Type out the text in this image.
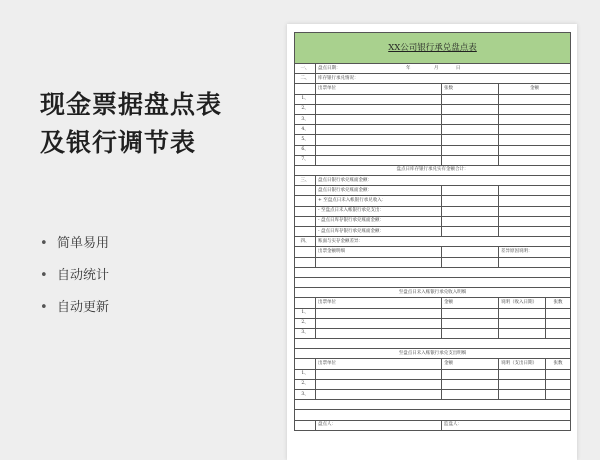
现金票据盘点表
及银行调节表
• 简单易用
• 自动统计
• 自动更新
XX公司银行承兑盘点表				
一、	盘点日期： 年 月 日			
二、	库存银行承兑情况：			
	出票单位	张数	金额	
1、				
2、				
3、				
4、				
5、				
6、				
7、				
盘点日库存银行承兑实有金额合计：				
三、	盘点日银行承兑账面金额：			
	盘点日银行承兑账面金额：			
	+ 至盘点日未入帐银行承兑收入：			
	- 至盘点日未入帐银行承兑支出：			
	- 盘点日库存银行承兑账面金额：			
	- 盘点日库存银行承兑账面金额：			
四、	账面与实存金额差异：			
	出票金额明细		差异原因说明：	

至盘点日未入账银行承兑收入明细				
	出票单位	金额	说明（收入日期）	张数
1、				
2、				
3、				

至盘点日未入账银行承兑支出明细				
	出票单位	金额	说明（支出日期）	张数
1、				
2、				
3、				

	盘点人：	监盘人：		
